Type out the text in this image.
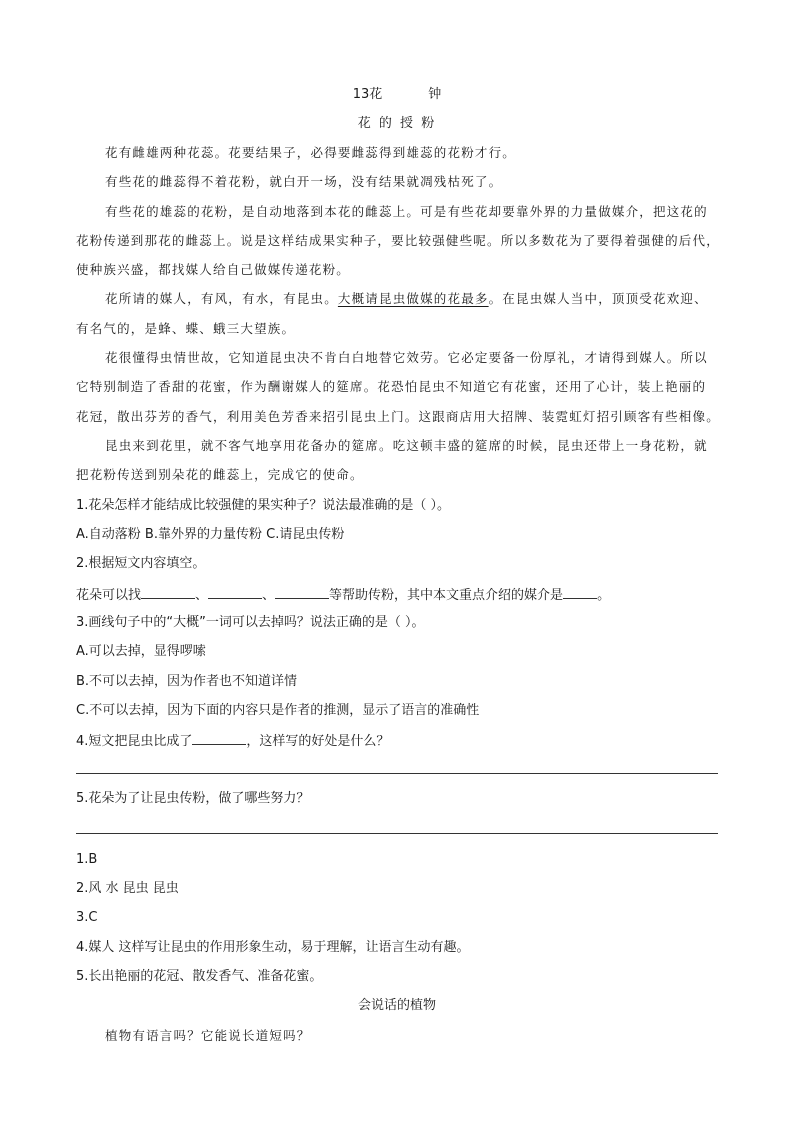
13花	钟
花 的 授 粉
花有雌雄两种花蕊。花要结果子，必得要雌蕊得到雄蕊的花粉才行。
有些花的雌蕊得不着花粉，就白开一场，没有结果就凋残枯死了。
有些花的雄蕊的花粉，是自动地落到本花的雌蕊上。可是有些花却要靠外界的力量做媒介，把这花的
花粉传递到那花的雌蕊上。说是这样结成果实种子，要比较强健些呢。所以多数花为了要得着强健的后代，
使种族兴盛，都找媒人给自己做媒传递花粉。
花所请的媒人，有风，有水，有昆虫。大概请昆虫做媒的花最多。在昆虫媒人当中，顶顶受花欢迎、
有名气的，是蜂、蝶、蛾三大望族。
花很懂得虫情世故，它知道昆虫决不肯白白地替它效劳。它必定要备一份厚礼，才请得到媒人。所以
它特别制造了香甜的花蜜，作为酬谢媒人的筵席。花恐怕昆虫不知道它有花蜜，还用了心计，装上艳丽的
花冠，散出芬芳的香气，利用美色芳香来招引昆虫上门。这跟商店用大招牌、装霓虹灯招引顾客有些相像。
昆虫来到花里，就不客气地享用花备办的筵席。吃这顿丰盛的筵席的时候，昆虫还带上一身花粉，就
把花粉传送到别朵花的雌蕊上，完成它的使命。
1.花朵怎样才能结成比较强健的果实种子？说法最准确的是（ ）。
A.自动落粉 B.靠外界的力量传粉 C.请昆虫传粉
2.根据短文内容填空。
花朵可以找	、	、	等帮助传粉，其中本文重点介绍的媒介是	。
3.画线句子中的“大概”一词可以去掉吗？说法正确的是（ ）。
A.可以去掉，显得啰嗦
B.不可以去掉，因为作者也不知道详情
C.不可以去掉，因为下面的内容只是作者的推测，显示了语言的准确性
4.短文把昆虫比成了	，这样写的好处是什么？
5.花朵为了让昆虫传粉，做了哪些努力？
1.B
2.风 水 昆虫 昆虫
3.C
4.媒人 这样写让昆虫的作用形象生动，易于理解，让语言生动有趣。
5.长出艳丽的花冠、散发香气、准备花蜜。
会说话的植物
植物有语言吗？它能说长道短吗？
